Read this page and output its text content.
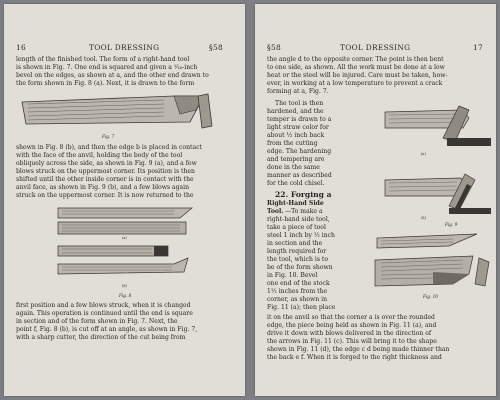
16	TOOL DRESSING	§58
length of the finished tool. The form of a right-hand tool
is shown in Fig. 7. One end is squared and given a ¹⁄₁₆-inch
bevel on the edges, as shown at a, and the other end drawn to
the form shown in Fig. 8 (a). Next, it is drawn to the form
Fig. 7
shown in Fig. 8 (b), and then the edge b is placed in contact
with the face of the anvil, holding the body of the tool
obliquely across the side, as shown in Fig. 9 (a), and a few
blows struck on the uppermost corner. Its position is then
shifted until the other inside corner is in contact with the
anvil face, as shown in Fig. 9 (b), and a few blows again
struck on the uppermost corner. It is now returned to the
(a)
(b)
Fig. 8
first position and a few blows struck, when it is changed
again. This operation is continued until the end is square
in section and of the form shown in Fig. 7. Next, the
point f, Fig. 8 (b), is cut off at an angle, as shown in Fig. 7,
with a sharp cutter, the direction of the cut being from
§58	TOOL DRESSING	17
the angle d to the opposite corner. The point is then bent
to one side, as shown. All the work must be done at a low
heat or the steel will be injured. Care must be taken, how-
ever, in working at a low temperature to prevent a crack
forming at a, Fig. 7.
The tool is then
hardened, and the
temper is drawn to a
light straw color for
about ½ inch back
from the cutting
edge. The hardening
and tempering are
done in the same
manner as described
for the cold chisel.
22. Forging a
Right-Hand Side
Tool. —To make a
right-hand side tool,
take a piece of tool
steel 1 inch by ½ inch
in section and the
length required for
the tool, which is to
be of the form shown
in Fig. 10. Bevel
one end of the stock
1½ inches from the
corner, as shown in
Fig. 11 (a); then place
(a)
(b)
Fig. 9
Fig. 10
it on the anvil so that the corner a is over the rounded
edge, the piece being held as shown in Fig. 11 (a), and
drive it down with blows delivered in the direction of
the arrows in Fig. 11 (c). This will bring it to the shape
shown in Fig. 11 (d), the edge c d being made thinner than
the back e f. When it is forged to the right thickness and
